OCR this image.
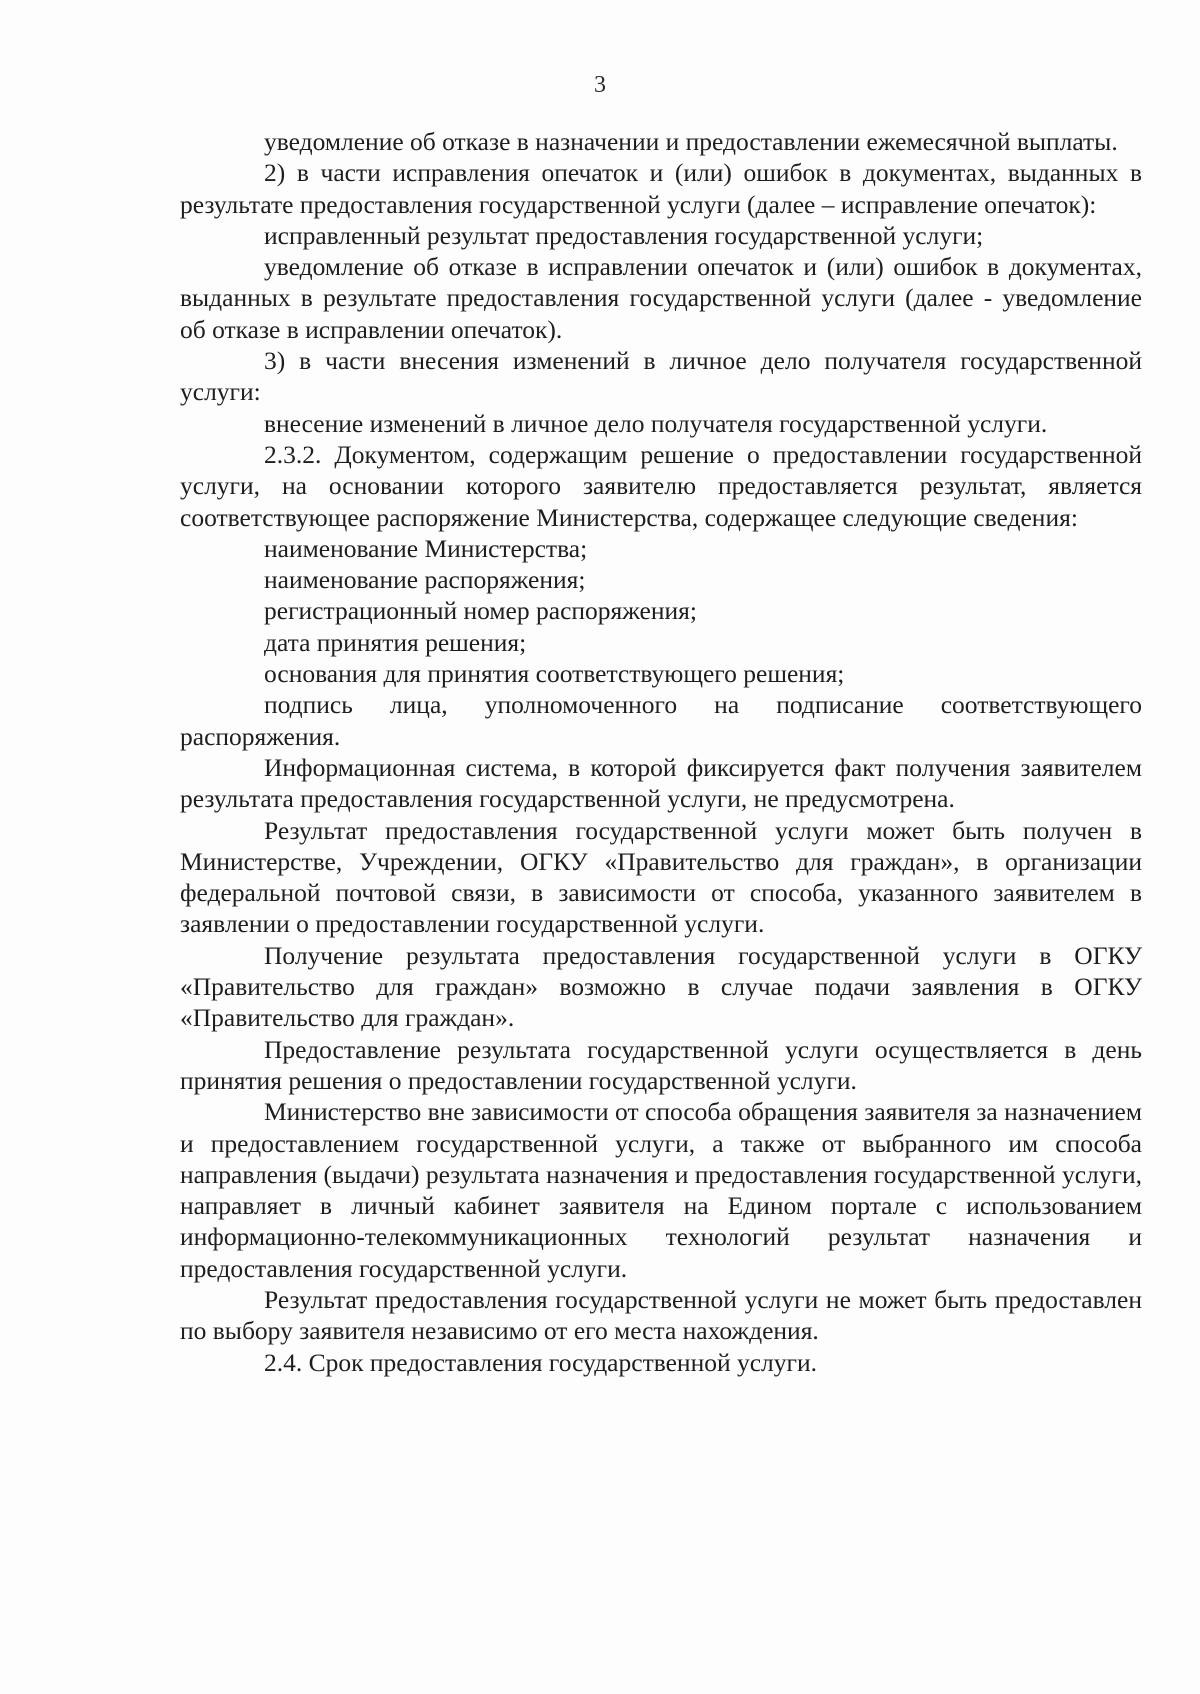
3

уведомление об отказе в назначении и предоставлении ежемесячной выплаты.

2) в части исправления опечаток и (или) ошибок в документах, выданных в результате предоставления государственной услуги (далее – исправление опечаток):

исправленный результат предоставления государственной услуги;

уведомление об отказе в исправлении опечаток и (или) ошибок в документах, выданных в результате предоставления государственной услуги (далее - уведомление об отказе в исправлении опечаток).

3) в части внесения изменений в личное дело получателя государственной услуги:

внесение изменений в личное дело получателя государственной услуги.

2.3.2. Документом, содержащим решение о предоставлении государственной услуги, на основании которого заявителю предоставляется результат, является соответствующее распоряжение Министерства, содержащее следующие сведения:

наименование Министерства;

наименование распоряжения;

регистрационный номер распоряжения;

дата принятия решения;

основания для принятия соответствующего решения;

подпись лица, уполномоченного на подписание соответствующего распоряжения.

Информационная система, в которой фиксируется факт получения заявителем результата предоставления государственной услуги, не предусмотрена.

Результат предоставления государственной услуги может быть получен в Министерстве, Учреждении, ОГКУ «Правительство для граждан», в организации федеральной почтовой связи, в зависимости от способа, указанного заявителем в заявлении о предоставлении государственной услуги.

Получение результата предоставления государственной услуги в ОГКУ «Правительство для граждан» возможно в случае подачи заявления в ОГКУ «Правительство для граждан».

Предоставление результата государственной услуги осуществляется в день принятия решения о предоставлении государственной услуги.

Министерство вне зависимости от способа обращения заявителя за назначением и предоставлением государственной услуги, а также от выбранного им способа направления (выдачи) результата назначения и предоставления государственной услуги, направляет в личный кабинет заявителя на Едином портале с использованием информационно-телекоммуникационных технологий результат назначения и предоставления государственной услуги.

Результат предоставления государственной услуги не может быть предоставлен по выбору заявителя независимо от его места нахождения.

2.4. Срок предоставления государственной услуги.
